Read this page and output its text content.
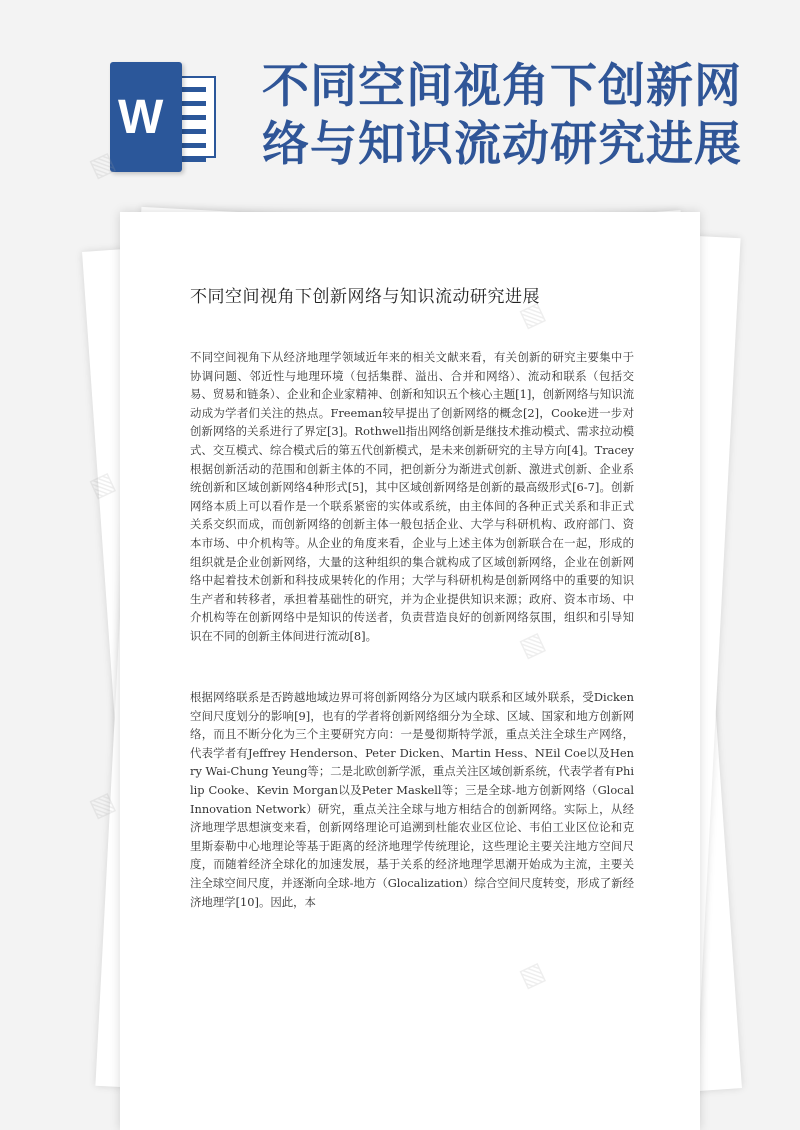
W
不同空间视角下创新网络与知识流动研究进展
不同空间视角下创新网络与知识流动研究进展

不同空间视角下从经济地理学领域近年来的相关文献来看，有关创新的研究主要集中于协调问题、邻近性与地理环境（包括集群、溢出、合并和网络）、流动和联系（包括交易、贸易和链条）、企业和企业家精神、创新和知识五个核心主题[1]，创新网络与知识流动成为学者们关注的热点。Freeman较早提出了创新网络的概念[2]，Cooke进一步对创新网络的关系进行了界定[3]。Rothwell指出网络创新是继技术推动模式、需求拉动模式、交互模式、综合模式后的第五代创新模式，是未来创新研究的主导方向[4]。Tracey根据创新活动的范围和创新主体的不同，把创新分为渐进式创新、激进式创新、企业系统创新和区域创新网络4种形式[5]，其中区域创新网络是创新的最高级形式[6-7]。创新网络本质上可以看作是一个联系紧密的实体或系统，由主体间的各种正式关系和非正式关系交织而成，而创新网络的创新主体一般包括企业、大学与科研机构、政府部门、资本市场、中介机构等。从企业的角度来看，企业与上述主体为创新联合在一起，形成的组织就是企业创新网络，大量的这种组织的集合就构成了区域创新网络，企业在创新网络中起着技术创新和科技成果转化的作用；大学与科研机构是创新网络中的重要的知识生产者和转移者，承担着基础性的研究，并为企业提供知识来源；政府、资本市场、中介机构等在创新网络中是知识的传送者，负责营造良好的创新网络氛围，组织和引导知识在不同的创新主体间进行流动[8]。

根据网络联系是否跨越地域边界可将创新网络分为区域内联系和区域外联系，受Dicken空间尺度划分的影响[9]，也有的学者将创新网络细分为全球、区域、国家和地方创新网络，而且不断分化为三个主要研究方向：一是曼彻斯特学派，重点关注全球生产网络，代表学者有Jeffrey Henderson、Peter Dicken、Martin Hess、NEil Coe以及Henry Wai-Chung Yeung等；二是北欧创新学派，重点关注区域创新系统，代表学者有Philip Cooke、Kevin Morgan以及Peter Maskell等；三是全球-地方创新网络（Glocal Innovation Network）研究，重点关注全球与地方相结合的创新网络。实际上，从经济地理学思想演变来看，创新网络理论可追溯到杜能农业区位论、韦伯工业区位论和克里斯泰勒中心地理论等基于距离的经济地理学传统理论，这些理论主要关注地方空间尺度，而随着经济全球化的加速发展，基于关系的经济地理学思潮开始成为主流，主要关注全球空间尺度，并逐渐向全球-地方（Glocalization）综合空间尺度转变，形成了新经济地理学[10]。因此，本

▧
▧
